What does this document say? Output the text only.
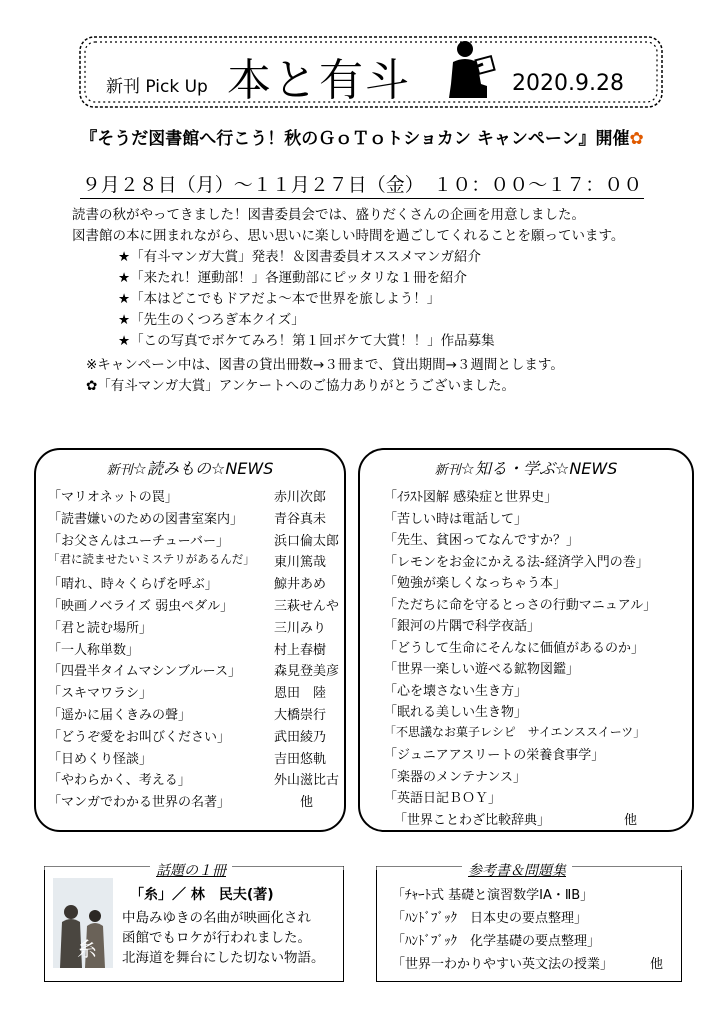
新刊 Pick Up 本と有斗	2020.9.28
『そうだ図書館へ行こう！秋のＧｏＴｏトショカン キャンペーン』開催✿
９月２８日（月）～１１月２７日（金）　１０：００～１７：００
読書の秋がやってきました！図書委員会では、盛りだくさんの企画を用意しました。
図書館の本に囲まれながら、思い思いに楽しい時間を過ごしてくれることを願っています。
★「有斗マンガ大賞」発表！＆図書委員オススメマンガ紹介
★「来たれ！運動部！」各運動部にピッタリな１冊を紹介
★「本はどこでもドアだよ～本で世界を旅しよう！」
★「先生のくつろぎ本クイズ」
★「この写真でボケてみろ！第１回ボケて大賞！！」作品募集
※キャンペーン中は、図書の貸出冊数→３冊まで、貸出期間→３週間とします。
✿「有斗マンガ大賞」アンケートへのご協力ありがとうございました。
新刊☆読みもの☆NEWS
「マリオネットの罠」	赤川次郎
「読書嫌いのための図書室案内」 青谷真未
「お父さんはユーチューバー」	浜口倫太郎
「君に読ませたいミステリがあるんだ」 東川篤哉
「晴れ、時々くらげを呼ぶ」	鯨井あめ
「映画ノベライズ 弱虫ペダル」	三萩せんや
「君と読む場所」	三川みり
「一人称単数」	村上春樹
「四畳半タイムマシンブルース」	森見登美彦
「スキマワラシ」	恩田　陸
「遥かに届くきみの聲」	大橋崇行
「どうぞ愛をお叫びください」	武田綾乃
「日めくり怪談」	吉田悠軌
「やわらかく、考える」	外山滋比古
「マンガでわかる世界の名著」	他
新刊☆知る・学ぶ☆NEWS
「ｲﾗｽﾄ図解 感染症と世界史」
「苦しい時は電話して」
「先生、貧困ってなんですか？」
「レモンをお金にかえる法-経済学入門の巻」
「勉強が楽しくなっちゃう本」
「ただちに命を守るとっさの行動マニュアル」
「銀河の片隅で科学夜話」
「どうして生命にそんなに価値があるのか」
「世界一楽しい遊べる鉱物図鑑」
「心を壊さない生き方」
「眠れる美しい生き物」
「不思議なお菓子レシピ　サイエンススイーツ」
「ジュニアアスリートの栄養食事学」
「楽器のメンテナンス」
「英語日記ＢＯＹ」
「世界ことわざ比較辞典」	他
話題の１冊
糸
「糸」／ 林　民夫(著)
中島みゆきの名曲が映画化され
函館でもロケが行われました。
北海道を舞台にした切ない物語。
参考書＆問題集
「ﾁｬｰﾄ式 基礎と演習数学ⅠA・ⅡB」
「ﾊﾝﾄﾞﾌﾞｯｸ　日本史の要点整理」
「ﾊﾝﾄﾞﾌﾞｯｸ　化学基礎の要点整理」
「世界一わかりやすい英文法の授業」	他
